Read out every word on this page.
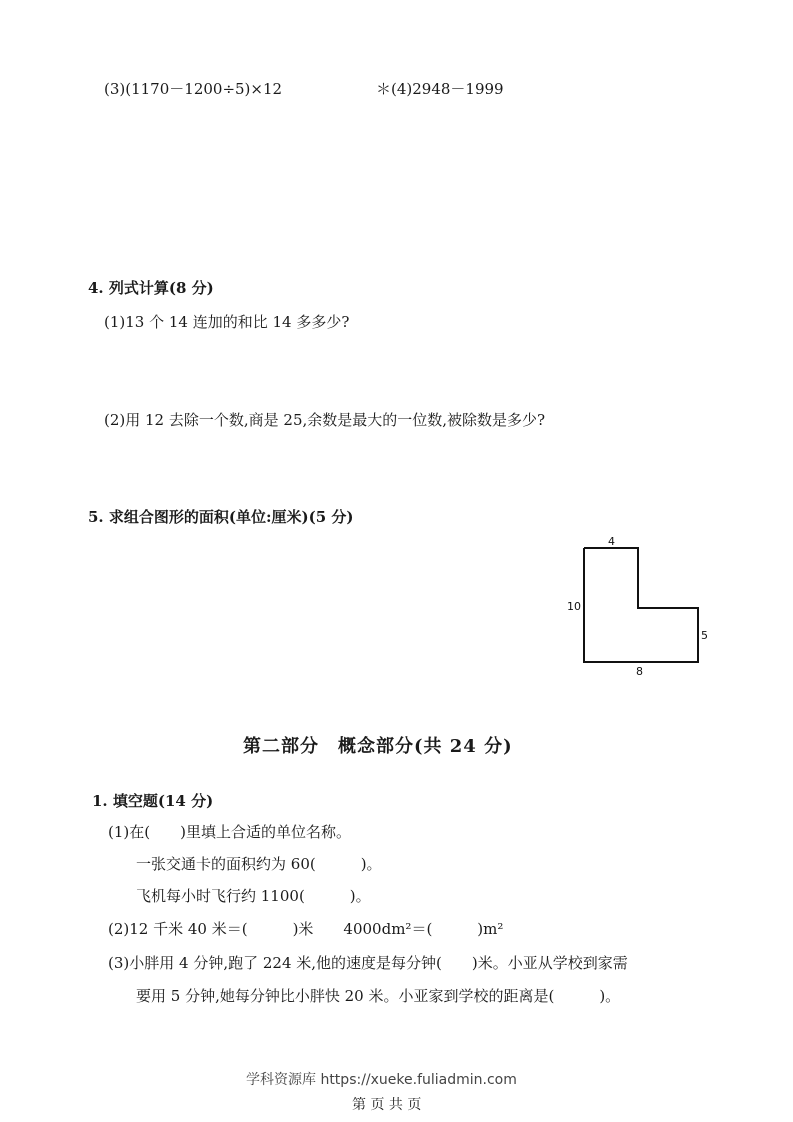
(3)(1170－1200÷5)×12	＊(4)2948－1999
4. 列式计算(8 分)
(1)13 个 14 连加的和比 14 多多少?
(2)用 12 去除一个数,商是 25,余数是最大的一位数,被除数是多少?
5. 求组合图形的面积(单位:厘米)(5 分)
4
10
5
8
第二部分　概念部分(共 24 分)
1. 填空题(14 分)
(1)在(　　)里填上合适的单位名称。
一张交通卡的面积约为 60(　　　)。
飞机每小时飞行约 1100(　　　)。
(2)12 千米 40 米＝(　　　)米　　4000dm²＝(　　　)m²
(3)小胖用 4 分钟,跑了 224 米,他的速度是每分钟(　　)米。小亚从学校到家需
要用 5 分钟,她每分钟比小胖快 20 米。小亚家到学校的距离是(　　　)。
学科资源库 https://xueke.fuliadmin.com
第 页 共 页
